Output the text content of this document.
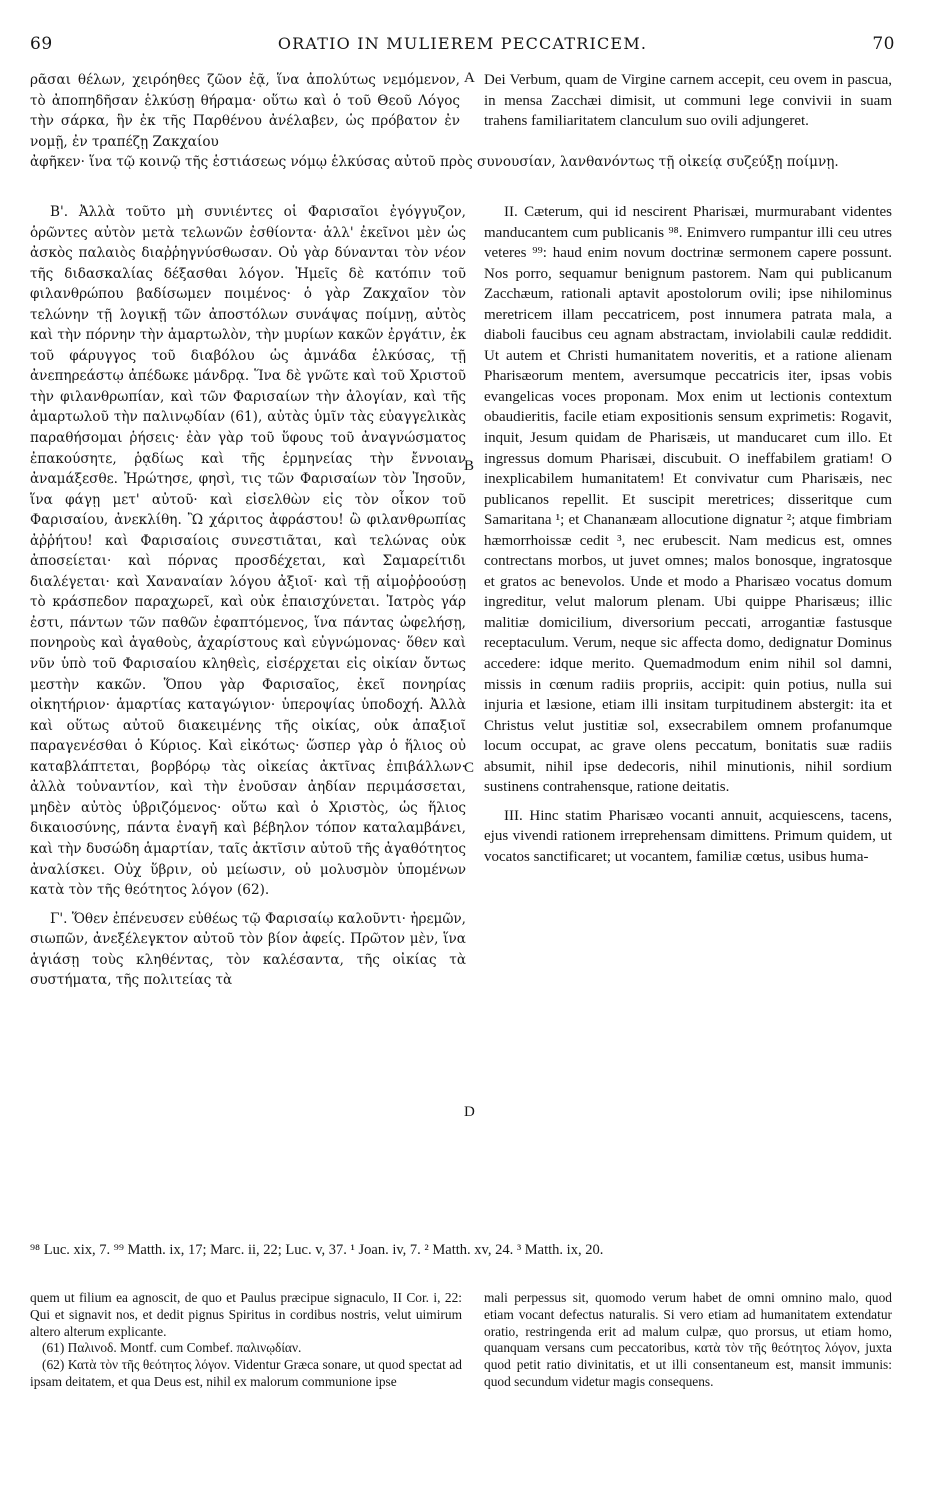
69	ORATIO IN MULIEREM PECCATRICEM.	70

ρᾶσαι θέλων, χειρόηθες ζῶον ἐᾷ, ἵνα ἀπολύτως νεμόμενον, τὸ ἀποπηδῆσαν ἑλκύσῃ θήραμα· οὕτω καὶ ὁ τοῦ Θεοῦ Λόγος τὴν σάρκα, ἣν ἐκ τῆς Παρθένου ἀνέλαβεν, ὡς πρόβατον ἐν νομῇ, ἐν τραπέζῃ Ζακχαίου

Dei Verbum, quam de Virgine carnem accepit, ceu ovem in pascua, in mensa Zacchæi dimisit, ut communi lege convivii in suam trahens familiaritatem clanculum suo ovili adjungeret.

ἀφῆκεν· ἵνα τῷ κοινῷ τῆς ἑστιάσεως νόμῳ ἑλκύσας αὐτοῦ πρὸς συνουσίαν, λανθανόντως τῇ οἰκείᾳ συζεύξῃ ποίμνῃ.

Β'. Ἀλλὰ τοῦτο μὴ συνιέντες οἱ Φαρισαῖοι ἐγόγγυζον, ὁρῶντες αὐτὸν μετὰ τελωνῶν ἐσθίοντα· ἀλλ' ἐκεῖνοι μὲν ὡς ἀσκὸς παλαιὸς διαῤῥηγνύσθωσαν. Οὐ γὰρ δύνανται τὸν νέον τῆς διδασκαλίας δέξασθαι λόγον. Ἡμεῖς δὲ κατόπιν τοῦ φιλανθρώπου βαδίσωμεν ποιμένος· ὁ γὰρ Ζακχαῖον τὸν τελώνην τῇ λογικῇ τῶν ἀποστόλων συνάψας ποίμνῃ, αὐτὸς καὶ τὴν πόρνην τὴν ἁμαρτωλὸν, τὴν μυρίων κακῶν ἐργάτιν, ἐκ τοῦ φάρυγγος τοῦ διαβόλου ὡς ἀμνάδα ἑλκύσας, τῇ ἀνεπηρεάστῳ ἀπέδωκε μάνδρᾳ. Ἵνα δὲ γνῶτε καὶ τοῦ Χριστοῦ τὴν φιλανθρωπίαν, καὶ τῶν Φαρισαίων τὴν ἀλογίαν, καὶ τῆς ἁμαρτωλοῦ τὴν παλινῳδίαν (61), αὐτὰς ὑμῖν τὰς εὐαγγελικὰς παραθήσομαι ῥήσεις· ἐὰν γὰρ τοῦ ὕφους τοῦ ἀναγνώσματος ἐπακούσητε, ῥᾳδίως καὶ τῆς ἑρμηνείας τὴν ἔννοιαν ἀναμάξεσθε. Ἠρώτησε, φησὶ, τις τῶν Φαρισαίων τὸν Ἰησοῦν, ἵνα φάγῃ μετ' αὐτοῦ· καὶ εἰσελθὼν εἰς τὸν οἶκον τοῦ Φαρισαίου, ἀνεκλίθη. Ὢ χάριτος ἀφράστου! ὢ φιλανθρωπίας ἀῤῥήτου! καὶ Φαρισαίοις συνεστιᾶται, καὶ τελώνας οὐκ ἀποσείεται· καὶ πόρνας προσδέχεται, καὶ Σαμαρείτιδι διαλέγεται· καὶ Χαναναίαν λόγου ἀξιοῖ· καὶ τῇ αἱμοῤῥοούσῃ τὸ κράσπεδον παραχωρεῖ, καὶ οὐκ ἐπαισχύνεται. Ἰατρὸς γάρ ἐστι, πάντων τῶν παθῶν ἐφαπτόμενος, ἵνα πάντας ὠφελήσῃ, πονηροὺς καὶ ἀγαθοὺς, ἀχαρίστους καὶ εὐγνώμονας· ὅθεν καὶ νῦν ὑπὸ τοῦ Φαρισαίου κληθεὶς, εἰσέρχεται εἰς οἰκίαν ὄντως μεστὴν κακῶν. Ὅπου γὰρ Φαρισαῖος, ἐκεῖ πονηρίας οἰκητήριον· ἁμαρτίας καταγώγιον· ὑπεροψίας ὑποδοχή. Ἀλλὰ καὶ οὕτως αὐτοῦ διακειμένης τῆς οἰκίας, οὐκ ἀπαξιοῖ παραγενέσθαι ὁ Κύριος. Καὶ εἰκότως· ὥσπερ γὰρ ὁ ἥλιος οὐ καταβλάπτεται, βορβόρῳ τὰς οἰκείας ἀκτῖνας ἐπιβάλλων· ἀλλὰ τοὐναντίον, καὶ τὴν ἐνοῦσαν ἀηδίαν περιμάσσεται, μηδὲν αὐτὸς ὑβριζόμενος· οὕτω καὶ ὁ Χριστὸς, ὡς ἥλιος δικαιοσύνης, πάντα ἐναγῆ καὶ βέβηλον τόπον καταλαμβάνει, καὶ τὴν δυσώδη ἁμαρτίαν, ταῖς ἀκτῖσιν αὐτοῦ τῆς ἀγαθότητος ἀναλίσκει. Οὐχ ὕβριν, οὐ μείωσιν, οὐ μολυσμὸν ὑπομένων κατὰ τὸν τῆς θεότητος λόγον (62).

Γ'. Ὅθεν ἐπένευσεν εὐθέως τῷ Φαρισαίῳ καλοῦντι· ἠρεμῶν, σιωπῶν, ἀνεξέλεγκτον αὐτοῦ τὸν βίον ἀφείς. Πρῶτον μὲν, ἵνα ἁγιάσῃ τοὺς κληθέντας, τὸν καλέσαντα, τῆς οἰκίας τὰ συστήματα, τῆς πολιτείας τὰ

II. Cæterum, qui id nescirent Pharisæi, murmurabant videntes manducantem cum publicanis ⁹⁸. Enimvero rumpantur illi ceu utres veteres ⁹⁹: haud enim novum doctrinæ sermonem capere possunt. Nos porro, sequamur benignum pastorem. Nam qui publicanum Zacchæum, rationali aptavit apostolorum ovili; ipse nihilominus meretricem illam peccatricem, post innumera patrata mala, a diaboli faucibus ceu agnam abstractam, inviolabili caulæ reddidit. Ut autem et Christi humanitatem noveritis, et a ratione alienam Pharisæorum mentem, aversumque peccatricis iter, ipsas vobis evangelicas voces proponam. Mox enim ut lectionis contextum obaudieritis, facile etiam expositionis sensum exprimetis: Rogavit, inquit, Jesum quidam de Pharisæis, ut manducaret cum illo. Et ingressus domum Pharisæi, discubuit. O ineffabilem gratiam! O inexplicabilem humanitatem! Et convivatur cum Pharisæis, nec publicanos repellit. Et suscipit meretrices; disseritque cum Samaritana ¹; et Chananæam allocutione dignatur ²; atque fimbriam hæmorrhoissæ cedit ³, nec erubescit. Nam medicus est, omnes contrectans morbos, ut juvet omnes; malos bonosque, ingratosque et gratos ac benevolos. Unde et modo a Pharisæo vocatus domum ingreditur, velut malorum plenam. Ubi quippe Pharisæus; illic malitiæ domicilium, diversorium peccati, arrogantiæ fastusque receptaculum. Verum, neque sic affecta domo, dedignatur Dominus accedere: idque merito. Quemadmodum enim nihil sol damni, missis in cœnum radiis propriis, accipit: quin potius, nulla sui injuria et læsione, etiam illi insitam turpitudinem abstergit: ita et Christus velut justitiæ sol, exsecrabilem omnem profanumque locum occupat, ac grave olens peccatum, bonitatis suæ radiis absumit, nihil ipse dedecoris, nihil minutionis, nihil sordium sustinens contrahensque, ratione deitatis.

III. Hinc statim Pharisæo vocanti annuit, acquiescens, tacens, ejus vivendi rationem irreprehensam dimittens. Primum quidem, ut vocatos sanctificaret; ut vocantem, familiæ cœtus, usibus huma-

A
B
C
D
⁹⁸ Luc. xix, 7. ⁹⁹ Matth. ix, 17; Marc. ii, 22; Luc. v, 37. ¹ Joan. iv, 7. ² Matth. xv, 24. ³ Matth. ix, 20.

quem ut filium ea agnoscit, de quo et Paulus præcipue signaculo, II Cor. i, 22: Qui et signavit nos, et dedit pignus Spiritus in cordibus nostris, velut uimirum altero alterum explicante.

(61) Παλινοδ. Montf. cum Combef. παλινῳδίαν.

(62) Κατὰ τὸν τῆς θεότητος λόγον. Videntur Græca sonare, ut quod spectat ad ipsam deitatem, et qua Deus est, nihil ex malorum communione ipse

mali perpessus sit, quomodo verum habet de omni omnino malo, quod etiam vocant defectus naturalis. Si vero etiam ad humanitatem extendatur oratio, restringenda erit ad malum culpæ, quo prorsus, ut etiam homo, quanquam versans cum peccatoribus, κατὰ τὸν τῆς θεότητος λόγον, juxta quod petit ratio divinitatis, et ut illi consentaneum est, mansit immunis: quod secundum videtur magis consequens.
